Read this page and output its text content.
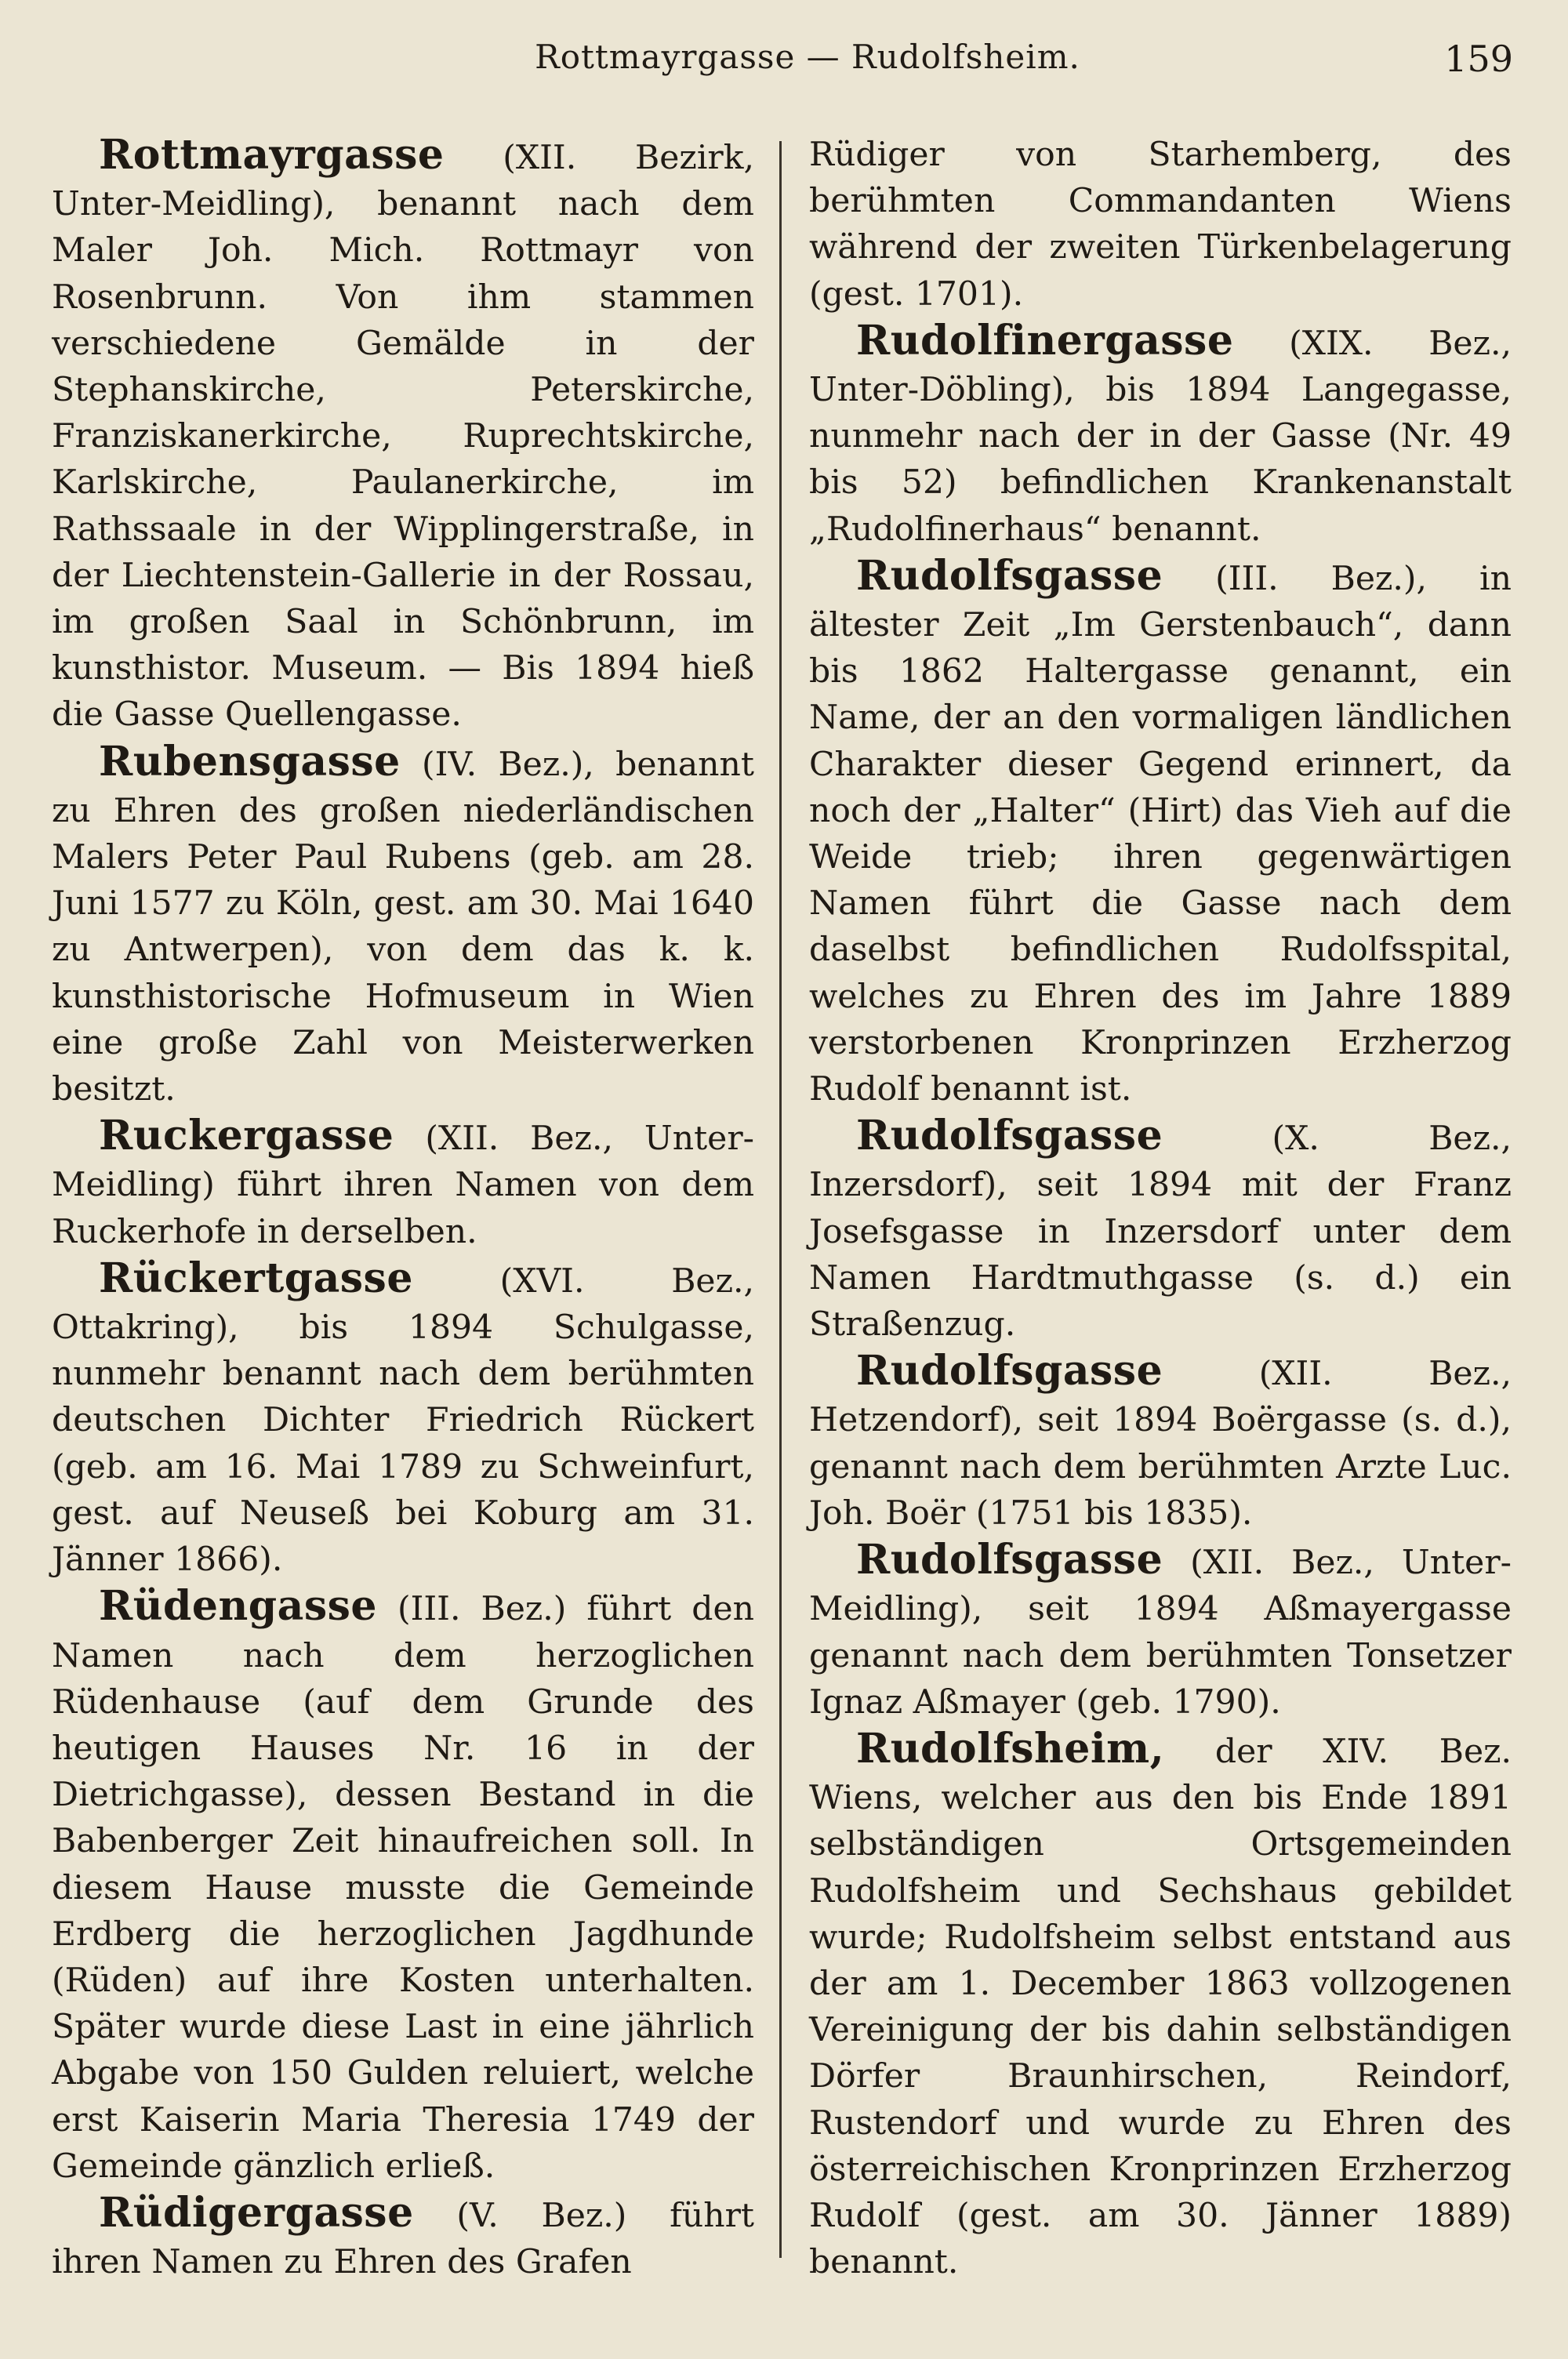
Rottmayrgasse — Rudolfsheim.	159

Rottmayrgasse (XII. Bezirk, Unter-Meidling), benannt nach dem Maler Joh. Mich. Rottmayr von Rosenbrunn. Von ihm stammen verschiedene Gemälde in der Stephanskirche, Peterskirche, Franziskanerkirche, Ruprechtskirche, Karlskirche, Paulanerkirche, im Rathssaale in der Wipplingerstraße, in der Liechtenstein-Gallerie in der Rossau, im großen Saal in Schönbrunn, im kunsthistor. Museum. — Bis 1894 hieß die Gasse Quellengasse.

Rubensgasse (IV. Bez.), benannt zu Ehren des großen niederländischen Malers Peter Paul Rubens (geb. am 28. Juni 1577 zu Köln, gest. am 30. Mai 1640 zu Antwerpen), von dem das k. k. kunsthistorische Hofmuseum in Wien eine große Zahl von Meisterwerken besitzt.

Ruckergasse (XII. Bez., Unter-Meidling) führt ihren Namen von dem Ruckerhofe in derselben.

Rückertgasse (XVI. Bez., Ottakring), bis 1894 Schulgasse, nunmehr benannt nach dem berühmten deutschen Dichter Friedrich Rückert (geb. am 16. Mai 1789 zu Schweinfurt, gest. auf Neuseß bei Koburg am 31. Jänner 1866).

Rüdengasse (III. Bez.) führt den Namen nach dem herzoglichen Rüdenhause (auf dem Grunde des heutigen Hauses Nr. 16 in der Dietrichgasse), dessen Bestand in die Babenberger Zeit hinaufreichen soll. In diesem Hause musste die Gemeinde Erdberg die herzoglichen Jagdhunde (Rüden) auf ihre Kosten unterhalten. Später wurde diese Last in eine jährlich Abgabe von 150 Gulden reluiert, welche erst Kaiserin Maria Theresia 1749 der Gemeinde gänzlich erließ.

Rüdigergasse (V. Bez.) führt ihren Namen zu Ehren des Grafen

Rüdiger von Starhemberg, des berühmten Commandanten Wiens während der zweiten Türkenbelagerung (gest. 1701).

Rudolfinergasse (XIX. Bez., Unter-Döbling), bis 1894 Langegasse, nunmehr nach der in der Gasse (Nr. 49 bis 52) befindlichen Krankenanstalt „Rudolfinerhaus“ benannt.

Rudolfsgasse (III. Bez.), in ältester Zeit „Im Gerstenbauch“, dann bis 1862 Haltergasse genannt, ein Name, der an den vormaligen ländlichen Charakter dieser Gegend erinnert, da noch der „Halter“ (Hirt) das Vieh auf die Weide trieb; ihren gegenwärtigen Namen führt die Gasse nach dem daselbst befindlichen Rudolfsspital, welches zu Ehren des im Jahre 1889 verstorbenen Kronprinzen Erzherzog Rudolf benannt ist.

Rudolfsgasse (X. Bez., Inzersdorf), seit 1894 mit der Franz Josefsgasse in Inzersdorf unter dem Namen Hardtmuthgasse (s. d.) ein Straßenzug.

Rudolfsgasse (XII. Bez., Hetzendorf), seit 1894 Boërgasse (s. d.), genannt nach dem berühmten Arzte Luc. Joh. Boër (1751 bis 1835).

Rudolfsgasse (XII. Bez., Unter-Meidling), seit 1894 Aßmayergasse genannt nach dem berühmten Tonsetzer Ignaz Aßmayer (geb. 1790).

Rudolfsheim, der XIV. Bez. Wiens, welcher aus den bis Ende 1891 selbständigen Ortsgemeinden Rudolfsheim und Sechshaus gebildet wurde; Rudolfsheim selbst entstand aus der am 1. December 1863 vollzogenen Vereinigung der bis dahin selbständigen Dörfer Braunhirschen, Reindorf, Rustendorf und wurde zu Ehren des österreichischen Kronprinzen Erzherzog Rudolf (gest. am 30. Jänner 1889) benannt.
